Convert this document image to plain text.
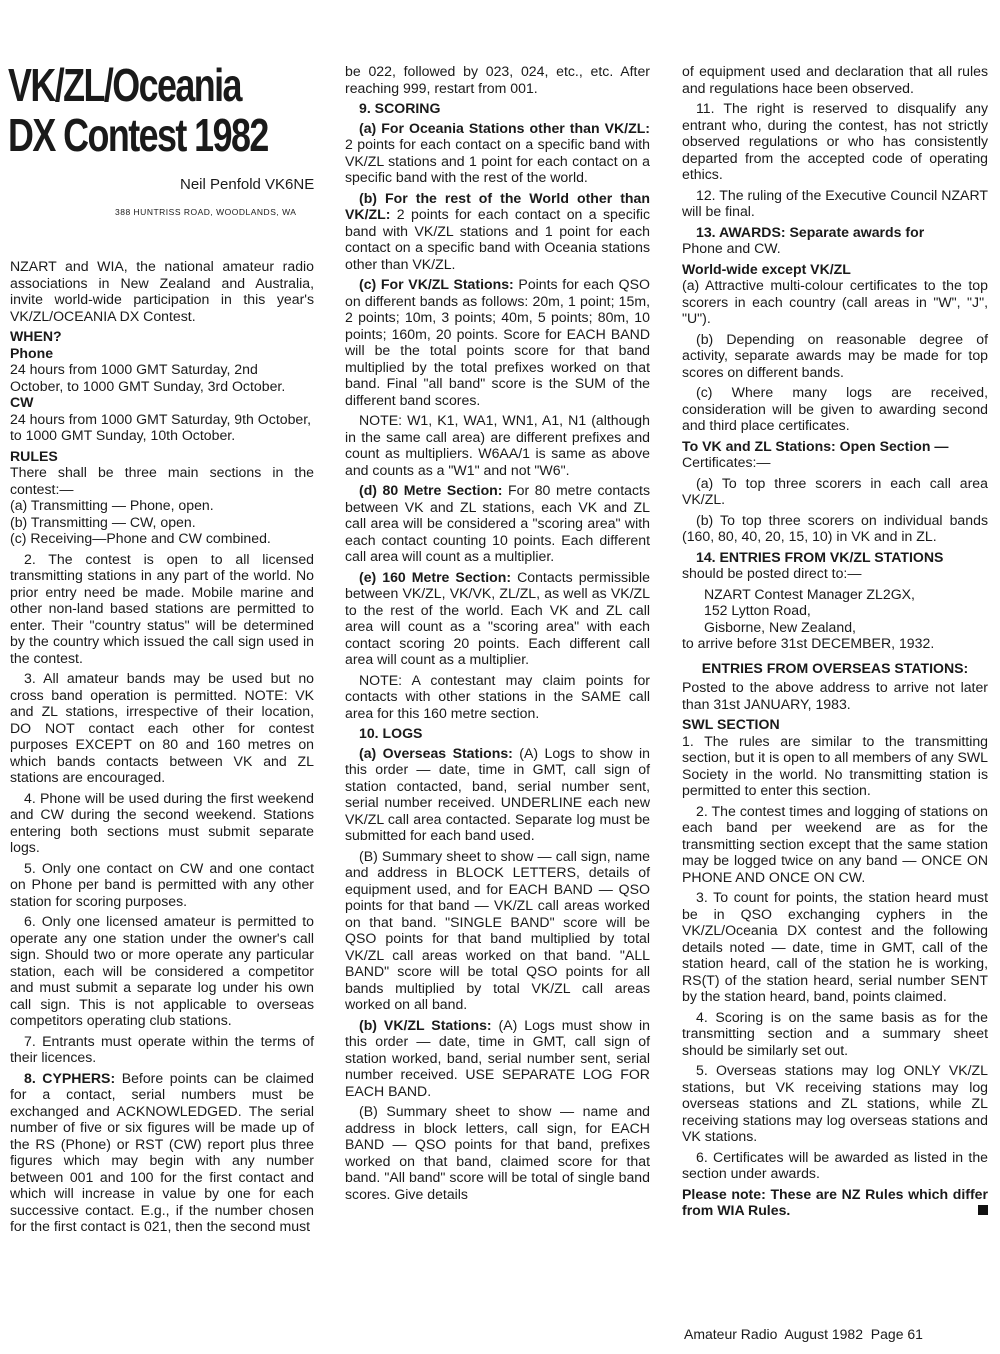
VK/ZL/Oceania
DX Contest 1982
Neil Penfold VK6NE
388 HUNTRISS ROAD, WOODLANDS, WA

NZART and WIA, the national amateur radio associations in New Zealand and Australia, invite world-wide participation in this year's VK/ZL/OCEANIA DX Contest.

WHEN?

Phone

24 hours from 1000 GMT Saturday, 2nd October, to 1000 GMT Sunday, 3rd October.

CW

24 hours from 1000 GMT Saturday, 9th October, to 1000 GMT Sunday, 10th October.

RULES

There shall be three main sections in the contest:—

(a) Transmitting — Phone, open.

(b) Transmitting — CW, open.

(c) Receiving—Phone and CW combined.

2. The contest is open to all licensed transmitting stations in any part of the world. No prior entry need be made. Mobile marine and other non-land based stations are permitted to enter. Their "country status" will be determined by the country which issued the call sign used in the contest.

3. All amateur bands may be used but no cross band operation is permitted. NOTE: VK and ZL stations, irrespective of their location, DO NOT contact each other for contest purposes EXCEPT on 80 and 160 metres on which bands contacts between VK and ZL stations are encouraged.

4. Phone will be used during the first weekend and CW during the second weekend. Stations entering both sections must submit separate logs.

5. Only one contact on CW and one contact on Phone per band is permitted with any other station for scoring purposes.

6. Only one licensed amateur is permitted to operate any one station under the owner's call sign. Should two or more operate any particular station, each will be considered a competitor and must submit a separate log under his own call sign. This is not applicable to overseas competitors operating club stations.

7. Entrants must operate within the terms of their licences.

8. CYPHERS: Before points can be claimed for a contact, serial numbers must be exchanged and ACKNOWLEDGED. The serial number of five or six figures will be made up of the RS (Phone) or RST (CW) report plus three figures which may begin with any number between 001 and 100 for the first contact and which will increase in value by one for each successive contact. E.g., if the number chosen for the first contact is 021, then the second must

be 022, followed by 023, 024, etc., etc. After reaching 999, restart from 001.

9. SCORING

(a) For Oceania Stations other than VK/ZL: 2 points for each contact on a specific band with VK/ZL stations and 1 point for each contact on a specific band with the rest of the world.

(b) For the rest of the World other than VK/ZL: 2 points for each contact on a specific band with VK/ZL stations and 1 point for each contact on a specific band with Oceania stations other than VK/ZL.

(c) For VK/ZL Stations: Points for each QSO on different bands as follows: 20m, 1 point; 15m, 2 points; 10m, 3 points; 40m, 5 points; 80m, 10 points; 160m, 20 points. Score for EACH BAND will be the total points score for that band multiplied by the total prefixes worked on that band. Final "all band" score is the SUM of the different band scores.

NOTE: W1, K1, WA1, WN1, A1, N1 (although in the same call area) are different prefixes and count as multipliers. W6AA/1 is same as above and counts as a "W1" and not "W6".

(d) 80 Metre Section: For 80 metre contacts between VK and ZL stations, each VK and ZL call area will be considered a "scoring area" with each contact counting 10 points. Each different call area will count as a multiplier.

(e) 160 Metre Section: Contacts permissible between VK/ZL, VK/VK, ZL/ZL, as well as VK/ZL to the rest of the world. Each VK and ZL call area will count as a "scoring area" with each contact scoring 20 points. Each different call area will count as a multiplier.

NOTE: A contestant may claim points for contacts with other stations in the SAME call area for this 160 metre section.

10. LOGS

(a) Overseas Stations: (A) Logs to show in this order — date, time in GMT, call sign of station contacted, band, serial number sent, serial number received. UNDERLINE each new VK/ZL call area contacted. Separate log must be submitted for each band used.

(B) Summary sheet to show — call sign, name and address in BLOCK LETTERS, details of equipment used, and for EACH BAND — QSO points for that band — VK/ZL call areas worked on that band. "SINGLE BAND" score will be QSO points for that band multiplied by total VK/ZL call areas worked on that band. "ALL BAND" score will be total QSO points for all bands multiplied by total VK/ZL call areas worked on all band.

(b) VK/ZL Stations: (A) Logs must show in this order — date, time in GMT, call sign of station worked, band, serial number sent, serial number received. USE SEPARATE LOG FOR EACH BAND.

(B) Summary sheet to show — name and address in block letters, call sign, for EACH BAND — QSO points for that band, prefixes worked on that band, claimed score for that band. "All band" score will be total of single band scores. Give details

of equipment used and declaration that all rules and regulations hace been observed.

11. The right is reserved to disqualify any entrant who, during the contest, has not strictly observed regulations or who has consistently departed from the accepted code of operating ethics.

12. The ruling of the Executive Council NZART will be final.

13. AWARDS: Separate awards for

Phone and CW.

World-wide except VK/ZL

(a) Attractive multi-colour certificates to the top scorers in each country (call areas in "W", "J", "U").

(b) Depending on reasonable degree of activity, separate awards may be made for top scores on different bands.

(c) Where many logs are received, consideration will be given to awarding second and third place certificates.

To VK and ZL Stations: Open Section —

Certificates:—

(a) To top three scorers in each call area VK/ZL.

(b) To top three scorers on individual bands (160, 80, 40, 20, 15, 10) in VK and in ZL.

14. ENTRIES FROM VK/ZL STATIONS

should be posted direct to:—

NZART Contest Manager ZL2GX,

152 Lytton Road,

Gisborne, New Zealand,

to arrive before 31st DECEMBER, 1932.

ENTRIES FROM OVERSEAS STATIONS:

Posted to the above address to arrive not later than 31st JANUARY, 1983.

SWL SECTION

1. The rules are similar to the transmitting section, but it is open to all members of any SWL Society in the world. No transmitting station is permitted to enter this section.

2. The contest times and logging of stations on each band per weekend are as for the transmitting section except that the same station may be logged twice on any band — ONCE ON PHONE AND ONCE ON CW.

3. To count for points, the station heard must be in QSO exchanging cyphers in the VK/ZL/Oceania DX contest and the following details noted — date, time in GMT, call of the station heard, call of the station he is working, RS(T) of the station heard, serial number SENT by the station heard, band, points claimed.

4. Scoring is on the same basis as for the transmitting section and a summary sheet should be similarly set out.

5. Overseas stations may log ONLY VK/ZL stations, but VK receiving stations may log overseas stations and ZL stations, while ZL receiving stations may log overseas stations and VK stations.

6. Certificates will be awarded as listed in the section under awards.

Please note: These are NZ Rules which differ from WIA Rules.

Amateur Radio  August 1982  Page 61
